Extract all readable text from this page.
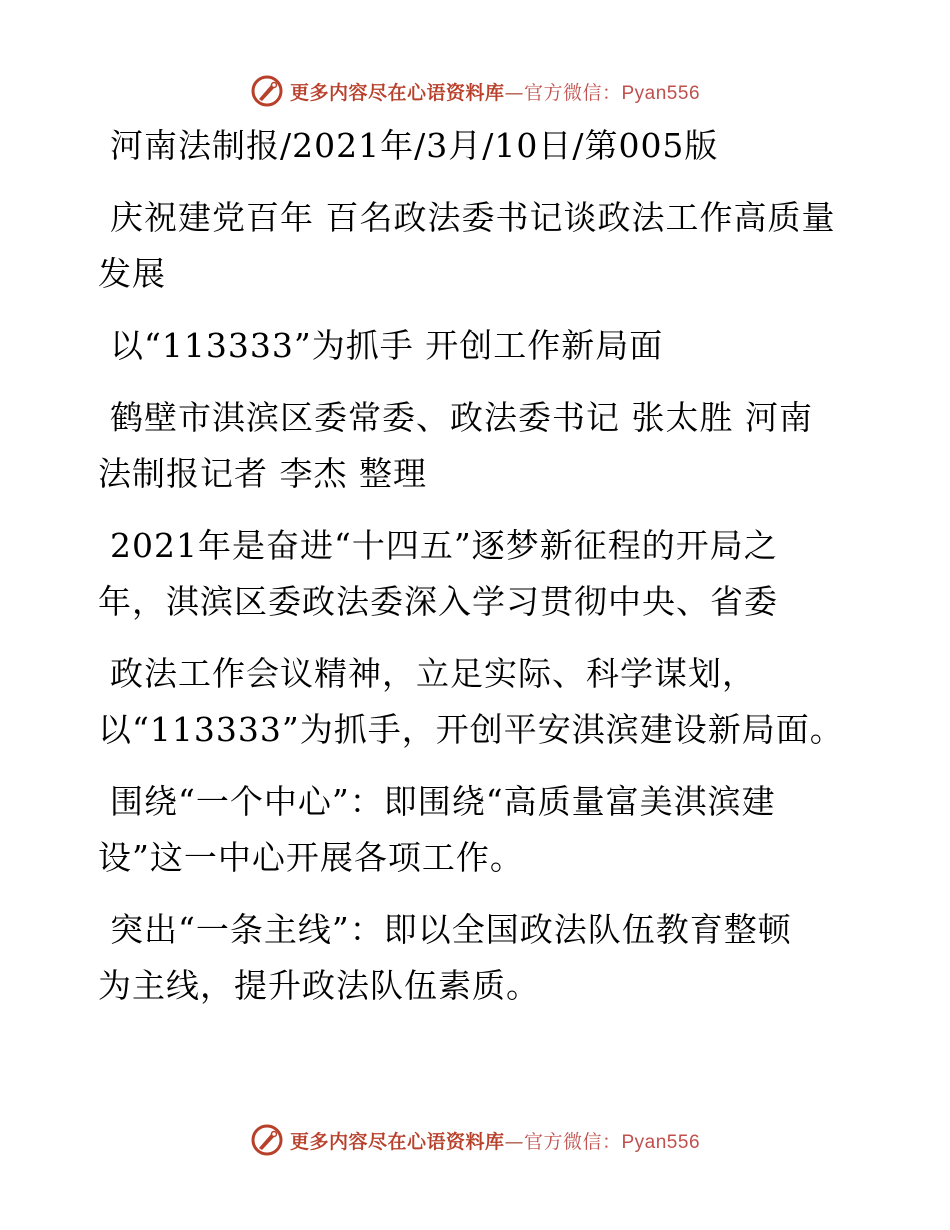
更多内容尽在心语资料库—官方微信：Pyan556

河南法制报/2021年/3月/10日/第005版

庆祝建党百年 百名政法委书记谈政法工作高质量
发展

以“113333”为抓手 开创工作新局面

鹤壁市淇滨区委常委、政法委书记 张太胜 河南
法制报记者 李杰 整理

2021年是奋进“十四五”逐梦新征程的开局之
年，淇滨区委政法委深入学习贯彻中央、省委

政法工作会议精神，立足实际、科学谋划，
以“113333”为抓手，开创平安淇滨建设新局面。

围绕“一个中心”：即围绕“高质量富美淇滨建
设”这一中心开展各项工作。

突出“一条主线”：即以全国政法队伍教育整顿
为主线，提升政法队伍素质。

更多内容尽在心语资料库—官方微信：Pyan556
